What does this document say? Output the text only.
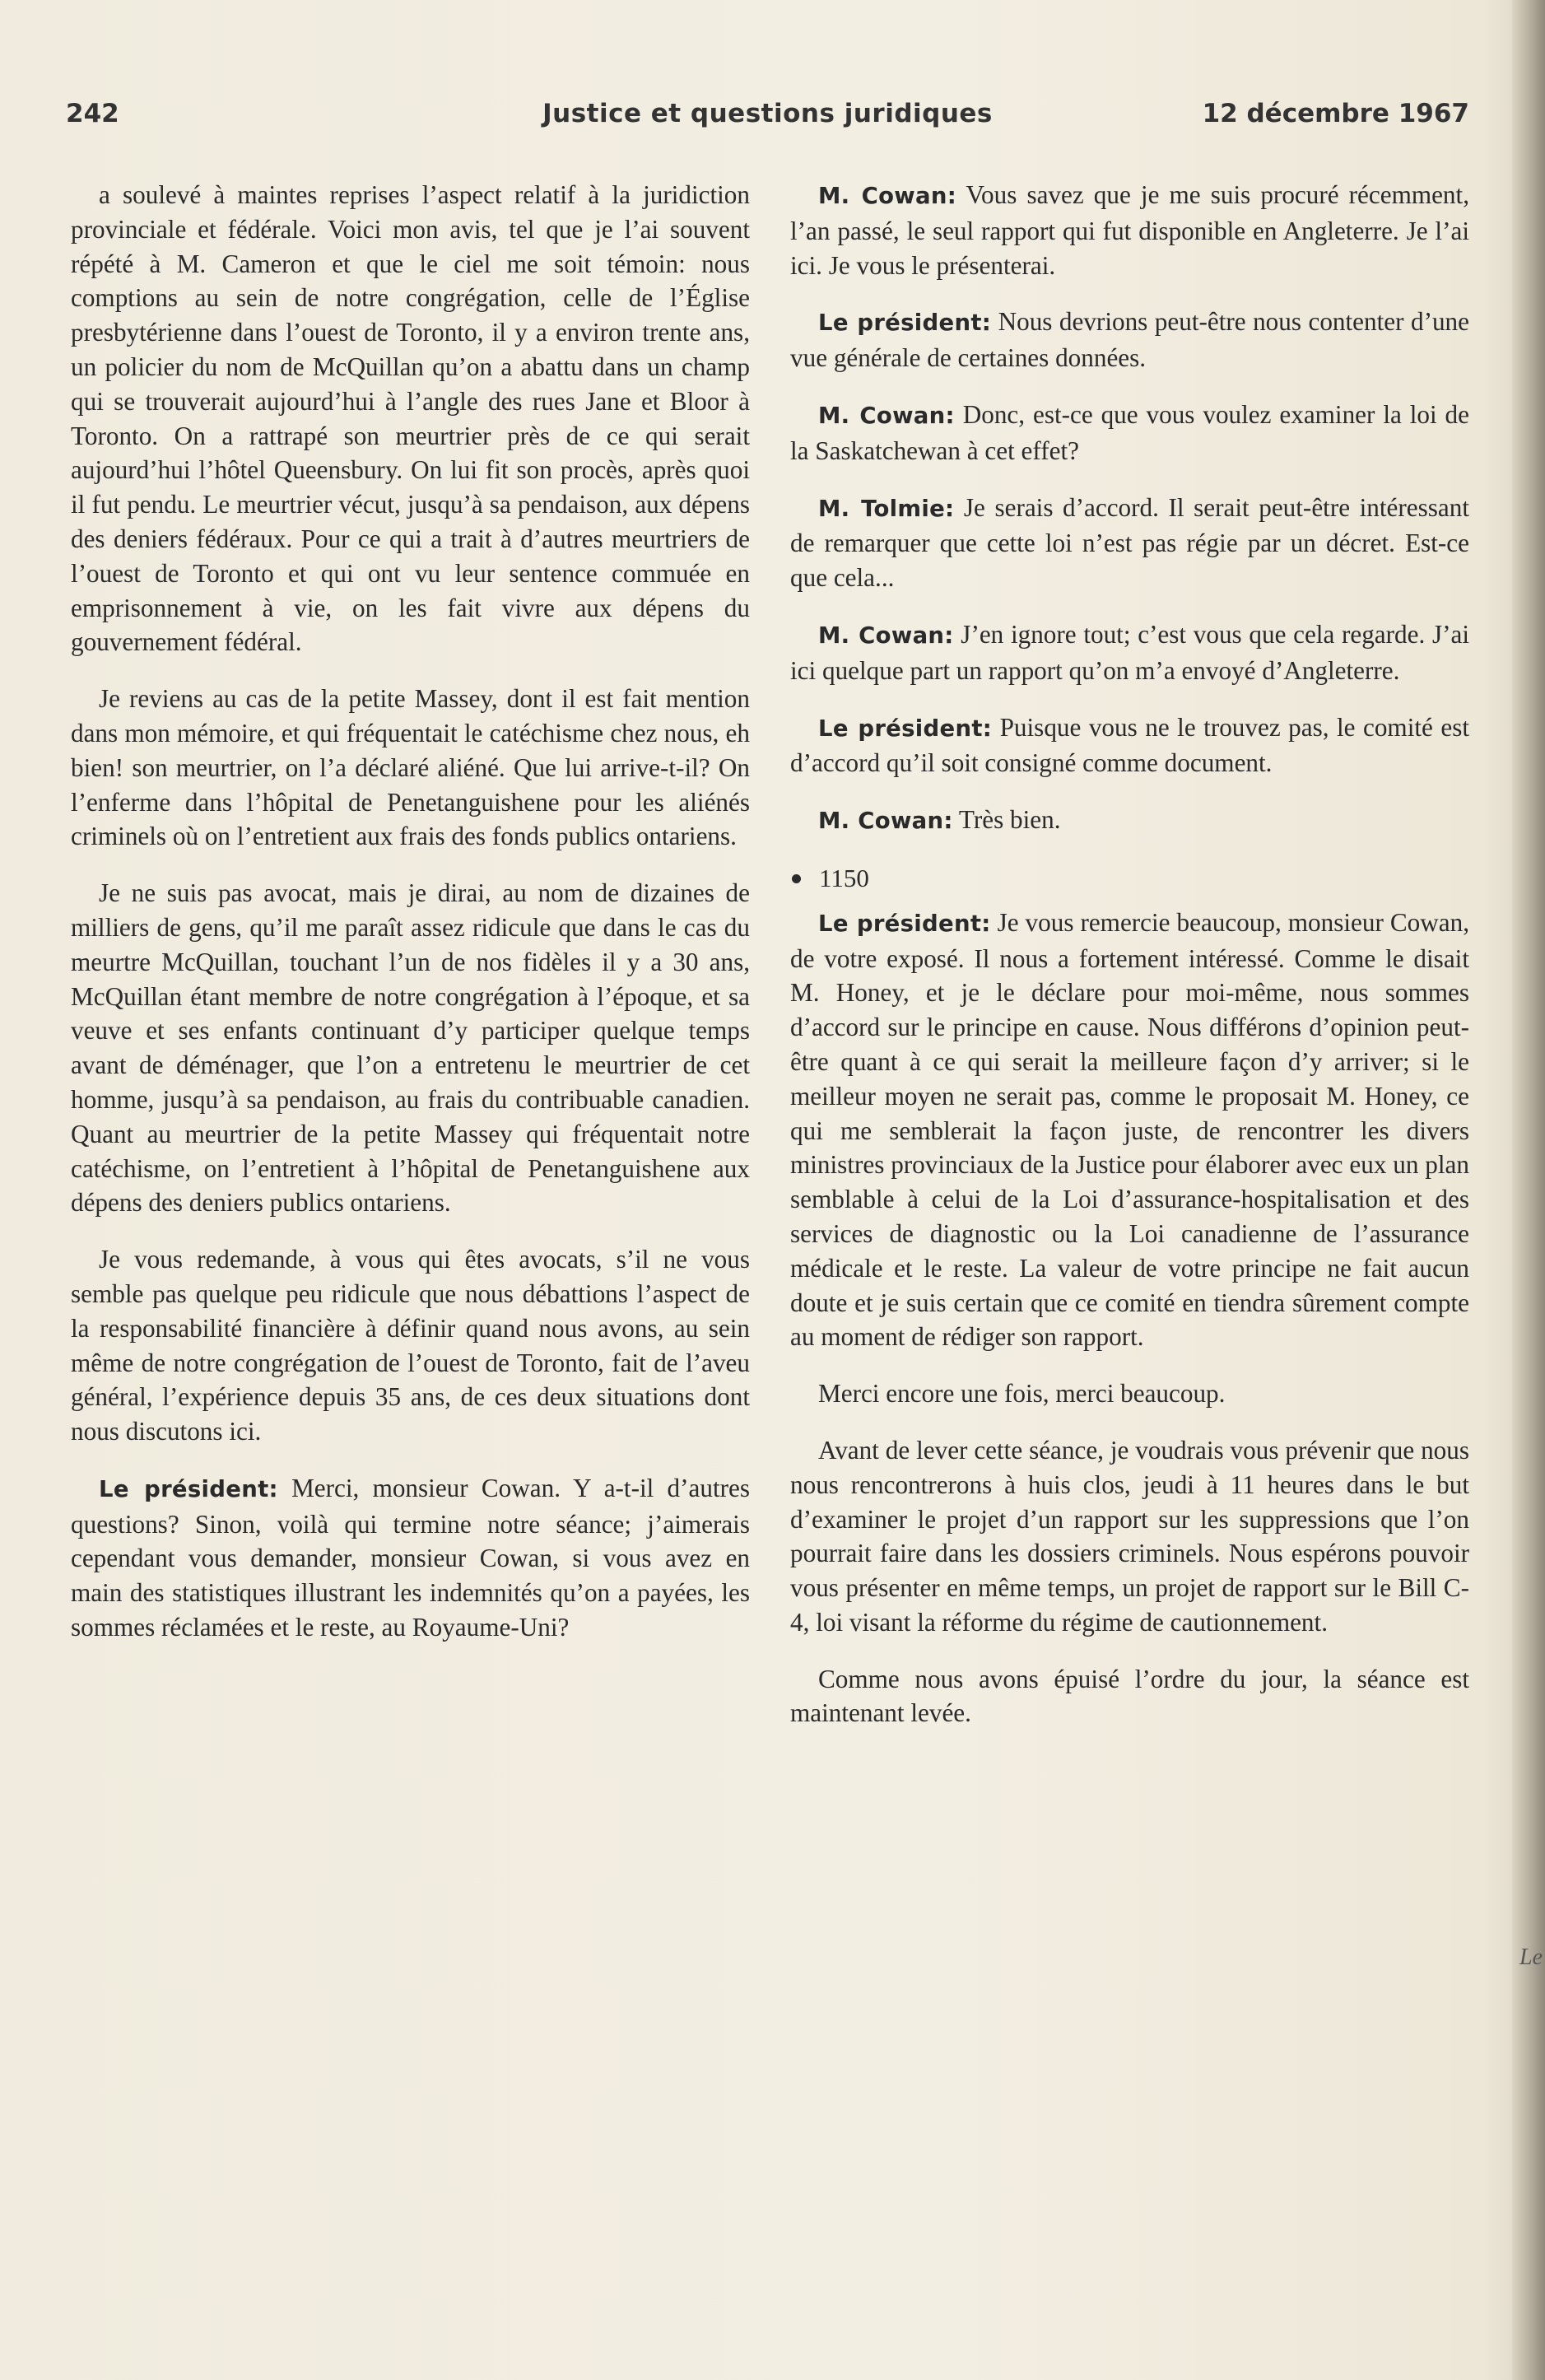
242	Justice et questions juridiques	12 décembre 1967

a soulevé à maintes reprises l’aspect relatif à la juridiction provinciale et fédérale. Voici mon avis, tel que je l’ai souvent répété à M. Cameron et que le ciel me soit témoin: nous comptions au sein de notre congrégation, celle de l’Église presbytérienne dans l’ouest de Toronto, il y a environ trente ans, un policier du nom de McQuillan qu’on a abattu dans un champ qui se trouverait aujourd’hui à l’angle des rues Jane et Bloor à Toronto. On a rattrapé son meurtrier près de ce qui serait aujourd’hui l’hôtel Queensbury. On lui fit son procès, après quoi il fut pendu. Le meurtrier vécut, jusqu’à sa pendaison, aux dépens des deniers fédéraux. Pour ce qui a trait à d’autres meurtriers de l’ouest de Toronto et qui ont vu leur sentence commuée en emprisonnement à vie, on les fait vivre aux dépens du gouvernement fédéral.

Je reviens au cas de la petite Massey, dont il est fait mention dans mon mémoire, et qui fréquentait le catéchisme chez nous, eh bien! son meurtrier, on l’a déclaré aliéné. Que lui arrive-t-il? On l’enferme dans l’hôpital de Penetanguishene pour les aliénés criminels où on l’entretient aux frais des fonds publics ontariens.

Je ne suis pas avocat, mais je dirai, au nom de dizaines de milliers de gens, qu’il me paraît assez ridicule que dans le cas du meurtre McQuillan, touchant l’un de nos fidèles il y a 30 ans, McQuillan étant membre de notre congrégation à l’époque, et sa veuve et ses enfants continuant d’y participer quelque temps avant de déménager, que l’on a entretenu le meurtrier de cet homme, jusqu’à sa pendaison, au frais du contribuable canadien. Quant au meurtrier de la petite Massey qui fréquentait notre catéchisme, on l’entretient à l’hôpital de Penetanguishene aux dépens des deniers publics ontariens.

Je vous redemande, à vous qui êtes avocats, s’il ne vous semble pas quelque peu ridicule que nous débattions l’aspect de la responsabilité financière à définir quand nous avons, au sein même de notre congrégation de l’ouest de Toronto, fait de l’aveu général, l’expérience depuis 35 ans, de ces deux situations dont nous discutons ici.

Le président: Merci, monsieur Cowan. Y a-t-il d’autres questions? Sinon, voilà qui termine notre séance; j’aimerais cependant vous demander, monsieur Cowan, si vous avez en main des statistiques illustrant les indemnités qu’on a payées, les sommes réclamées et le reste, au Royaume-Uni?

M. Cowan: Vous savez que je me suis procuré récemment, l’an passé, le seul rapport qui fut disponible en Angleterre. Je l’ai ici. Je vous le présenterai.

Le président: Nous devrions peut-être nous contenter d’une vue générale de certaines données.

M. Cowan: Donc, est-ce que vous voulez examiner la loi de la Saskatchewan à cet effet?

M. Tolmie: Je serais d’accord. Il serait peut-être intéressant de remarquer que cette loi n’est pas régie par un décret. Est-ce que cela...

M. Cowan: J’en ignore tout; c’est vous que cela regarde. J’ai ici quelque part un rapport qu’on m’a envoyé d’Angleterre.

Le président: Puisque vous ne le trouvez pas, le comité est d’accord qu’il soit consigné comme document.

M. Cowan: Très bien.

1150

Le président: Je vous remercie beaucoup, monsieur Cowan, de votre exposé. Il nous a fortement intéressé. Comme le disait M. Honey, et je le déclare pour moi-même, nous sommes d’accord sur le principe en cause. Nous différons d’opinion peut-être quant à ce qui serait la meilleure façon d’y arriver; si le meilleur moyen ne serait pas, comme le proposait M. Honey, ce qui me semblerait la façon juste, de rencontrer les divers ministres provinciaux de la Justice pour élaborer avec eux un plan semblable à celui de la Loi d’assurance-hospitalisation et des services de diagnostic ou la Loi canadienne de l’assurance médicale et le reste. La valeur de votre principe ne fait aucun doute et je suis certain que ce comité en tiendra sûrement compte au moment de rédiger son rapport.

Merci encore une fois, merci beaucoup.

Avant de lever cette séance, je voudrais vous prévenir que nous nous rencontrerons à huis clos, jeudi à 11 heures dans le but d’examiner le projet d’un rapport sur les suppressions que l’on pourrait faire dans les dossiers criminels. Nous espérons pouvoir vous présenter en même temps, un projet de rapport sur le Bill C-4, loi visant la réforme du régime de cautionnement.

Comme nous avons épuisé l’ordre du jour, la séance est maintenant levée.

Le
